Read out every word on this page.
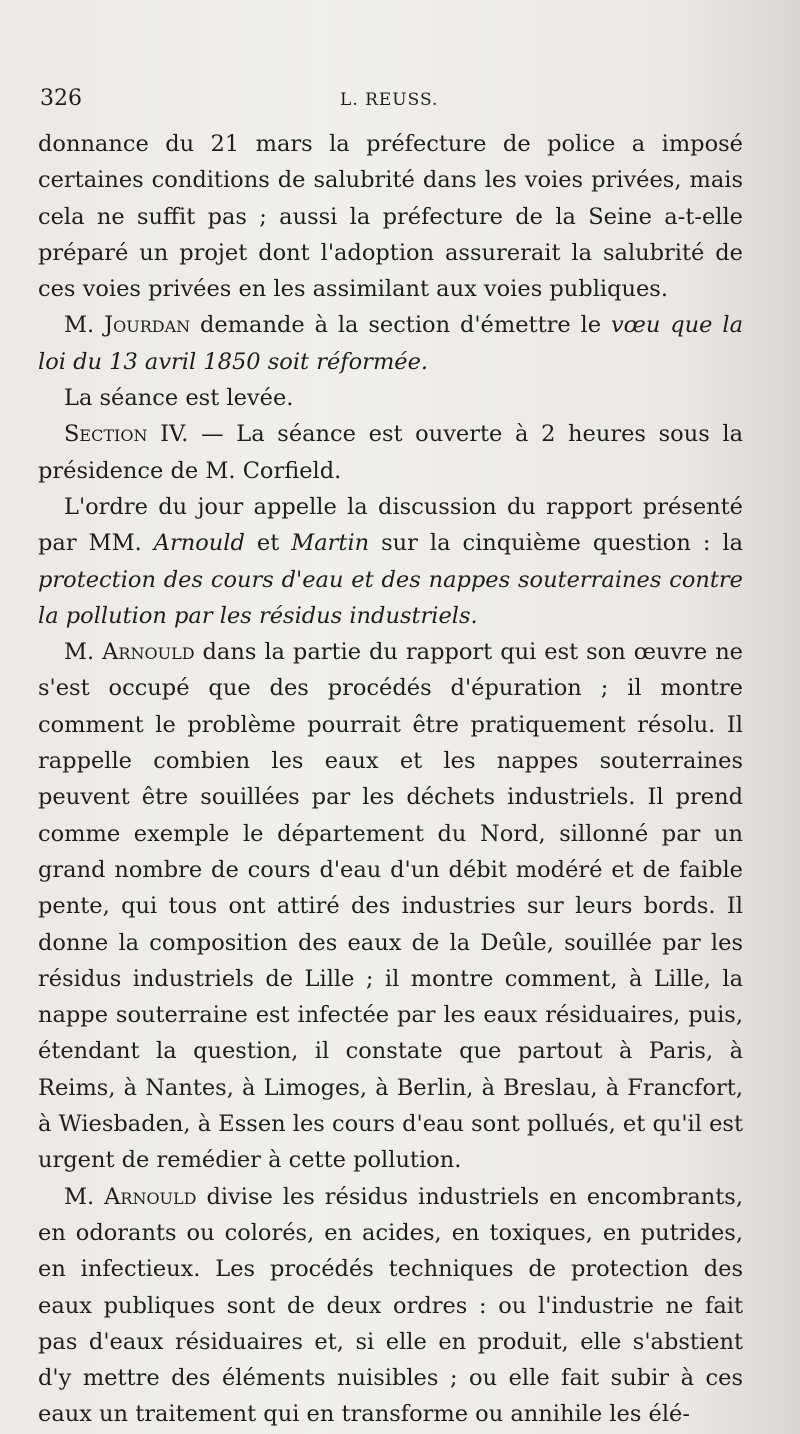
326	L. REUSS.

donnance du 21 mars la préfecture de police a imposé certaines conditions de salubrité dans les voies privées, mais cela ne suffit pas ; aussi la préfecture de la Seine a-t-elle préparé un projet dont l'adoption assurerait la salubrité de ces voies privées en les assimilant aux voies publiques.

M. Jourdan demande à la section d'émettre le vœu que la loi du 13 avril 1850 soit réformée.

La séance est levée.

Section IV. — La séance est ouverte à 2 heures sous la présidence de M. Corfield.

L'ordre du jour appelle la discussion du rapport présenté par MM. Arnould et Martin sur la cinquième question : la protection des cours d'eau et des nappes souterraines contre la pollution par les résidus industriels.

M. Arnould dans la partie du rapport qui est son œuvre ne s'est occupé que des procédés d'épuration ; il montre comment le problème pourrait être pratiquement résolu. Il rappelle combien les eaux et les nappes souterraines peuvent être souillées par les déchets industriels. Il prend comme exemple le département du Nord, sillonné par un grand nombre de cours d'eau d'un débit modéré et de faible pente, qui tous ont attiré des industries sur leurs bords. Il donne la composition des eaux de la Deûle, souillée par les résidus industriels de Lille ; il montre comment, à Lille, la nappe souterraine est infectée par les eaux résiduaires, puis, étendant la question, il constate que partout à Paris, à Reims, à Nantes, à Limoges, à Berlin, à Breslau, à Francfort, à Wiesbaden, à Essen les cours d'eau sont pollués, et qu'il est urgent de remédier à cette pollution.

M. Arnould divise les résidus industriels en encombrants, en odorants ou colorés, en acides, en toxiques, en putrides, en infectieux. Les procédés techniques de protection des eaux publiques sont de deux ordres : ou l'industrie ne fait pas d'eaux résiduaires et, si elle en produit, elle s'abstient d'y mettre des éléments nuisibles ; ou elle fait subir à ces eaux un traitement qui en transforme ou annihile les élé-
